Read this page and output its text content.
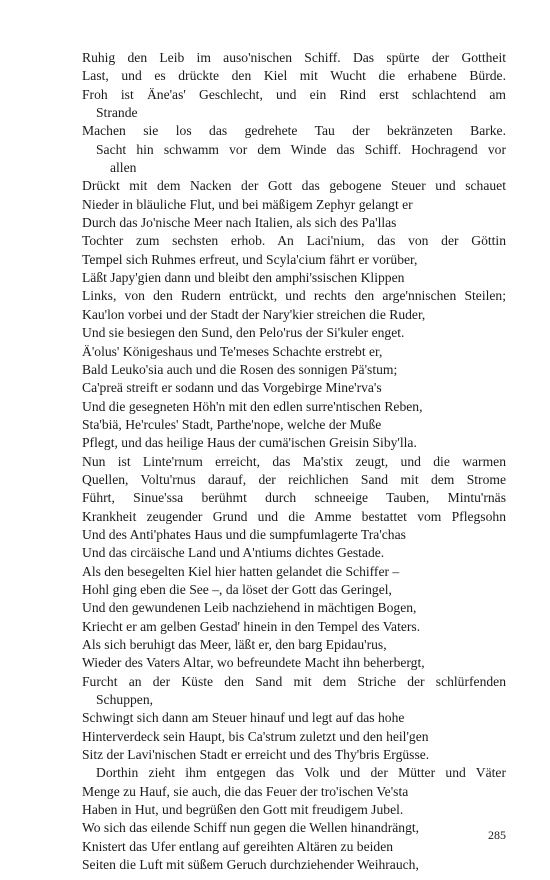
Ruhig den Leib im auso'nischen Schiff. Das spürte der Gottheit
Last, und es drückte den Kiel mit Wucht die erhabene Bürde.
Froh ist Äne'as' Geschlecht, und ein Rind erst schlachtend am
Strande
Machen sie los das gedrehete Tau der bekränzeten Barke.
Sacht hin schwamm vor dem Winde das Schiff. Hochragend vor
allen
Drückt mit dem Nacken der Gott das gebogene Steuer und schauet
Nieder in bläuliche Flut, und bei mäßigem Zephyr gelangt er
Durch das Jo'nische Meer nach Italien, als sich des Pa'llas
Tochter zum sechsten erhob. An Laci'nium, das von der Göttin
Tempel sich Ruhmes erfreut, und Scyla'cium fährt er vorüber,
Läßt Japy'gien dann und bleibt den amphi'ssischen Klippen
Links, von den Rudern entrückt, und rechts den arge'nnischen Steilen;
Kau'lon vorbei und der Stadt der Nary'kier streichen die Ruder,
Und sie besiegen den Sund, den Pelo'rus der Si'kuler enget.
Ä'olus' Königeshaus und Te'meses Schachte erstrebt er,
Bald Leuko'sia auch und die Rosen des sonnigen Pä'stum;
Ca'preä streift er sodann und das Vorgebirge Mine'rva's
Und die gesegneten Höh'n mit den edlen surre'ntischen Reben,
Sta'biä, He'rcules' Stadt, Parthe'nope, welche der Muße
Pflegt, und das heilige Haus der cumä'ischen Greisin Siby'lla.
Nun ist Linte'rnum erreicht, das Ma'stix zeugt, und die warmen
Quellen, Voltu'rnus darauf, der reichlichen Sand mit dem Strome
Führt, Sinue'ssa berühmt durch schneeige Tauben, Mintu'rnäs
Krankheit zeugender Grund und die Amme bestattet vom Pflegsohn
Und des Anti'phates Haus und die sumpfumlagerte Tra'chas
Und das circäische Land und A'ntiums dichtes Gestade.
Als den besegelten Kiel hier hatten gelandet die Schiffer –
Hohl ging eben die See –, da löset der Gott das Geringel,
Und den gewundenen Leib nachziehend in mächtigen Bogen,
Kriecht er am gelben Gestad' hinein in den Tempel des Vaters.
Als sich beruhigt das Meer, läßt er, den barg Epidau'rus,
Wieder des Vaters Altar, wo befreundete Macht ihn beherbergt,
Furcht an der Küste den Sand mit dem Striche der schlürfenden
Schuppen,
Schwingt sich dann am Steuer hinauf und legt auf das hohe
Hinterverdeck sein Haupt, bis Ca'strum zuletzt und den heil'gen
Sitz der Lavi'nischen Stadt er erreicht und des Thy'bris Ergüsse.
Dorthin zieht ihm entgegen das Volk und der Mütter und Väter
Menge zu Hauf, sie auch, die das Feuer der tro'ischen Ve'sta
Haben in Hut, und begrüßen den Gott mit freudigem Jubel.
Wo sich das eilende Schiff nun gegen die Wellen hinandrängt,
Knistert das Ufer entlang auf gereihten Altären zu beiden
Seiten die Luft mit süßem Geruch durchziehender Weihrauch,
285
